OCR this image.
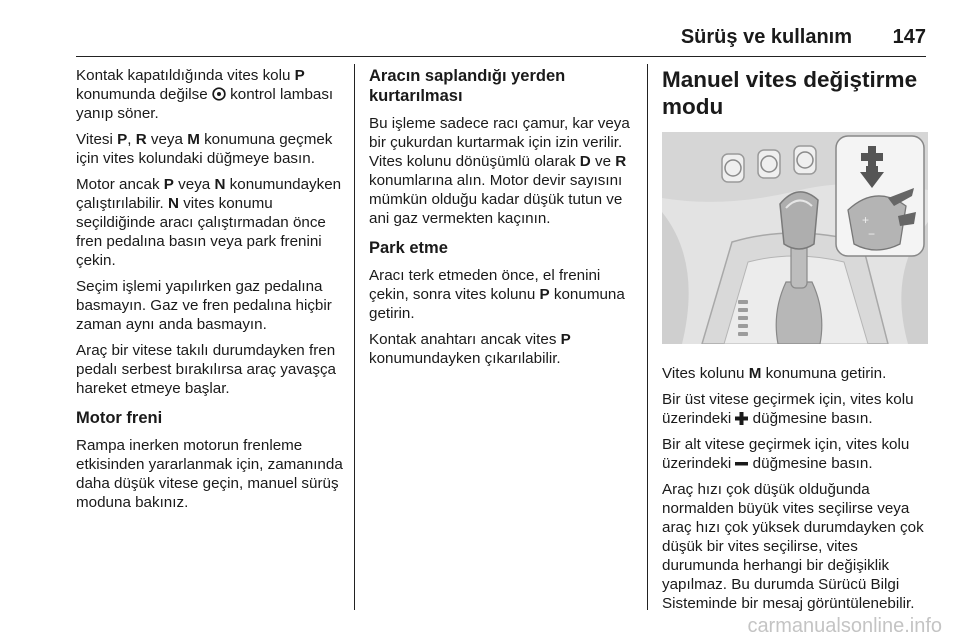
Sürüş ve kullanım 147

Kontak kapatıldığında vites kolu P konumunda değilse  kontrol lambası yanıp söner.

Vitesi P, R veya M konumuna geçmek için vites kolundaki düğmeye basın.

Motor ancak P veya N konumundayken çalıştırılabilir. N vites konumu seçildiğinde aracı çalıştırmadan önce fren pedalına basın veya park frenini çekin.

Seçim işlemi yapılırken gaz pedalına basmayın. Gaz ve fren pedalına hiçbir zaman aynı anda basmayın.

Araç bir vitese takılı durumdayken fren pedalı serbest bırakılırsa araç yavaşça hareket etmeye başlar.

Motor freni

Rampa inerken motorun frenleme etkisinden yararlanmak için, zamanında daha düşük vitese geçin, manuel sürüş moduna bakınız.

Aracın saplandığı yerden kurtarılması

Bu işleme sadece racı çamur, kar veya bir çukurdan kurtarmak için izin verilir. Vites kolunu dönüşümlü olarak D ve R konumlarına alın. Motor devir sayısını mümkün olduğu kadar düşük tutun ve ani gaz vermekten kaçının.

Park etme

Aracı terk etmeden önce, el frenini çekin, sonra vites kolunu P konumuna getirin.

Kontak anahtarı ancak vites P konumundayken çıkarılabilir.

Manuel vites değiştirme modu
+
−

Vites kolunu M konumuna getirin.

Bir üst vitese geçirmek için, vites kolu üzerindeki  düğmesine basın.

Bir alt vitese geçirmek için, vites kolu üzerindeki  düğmesine basın.

Araç hızı çok düşük olduğunda normalden büyük vites seçilirse veya araç hızı çok yüksek durumdayken çok düşük bir vites seçilirse, vites durumunda herhangi bir değişiklik yapılmaz. Bu durumda Sürücü Bilgi Sisteminde bir mesaj görüntülenebilir.

carmanualsonline.info
